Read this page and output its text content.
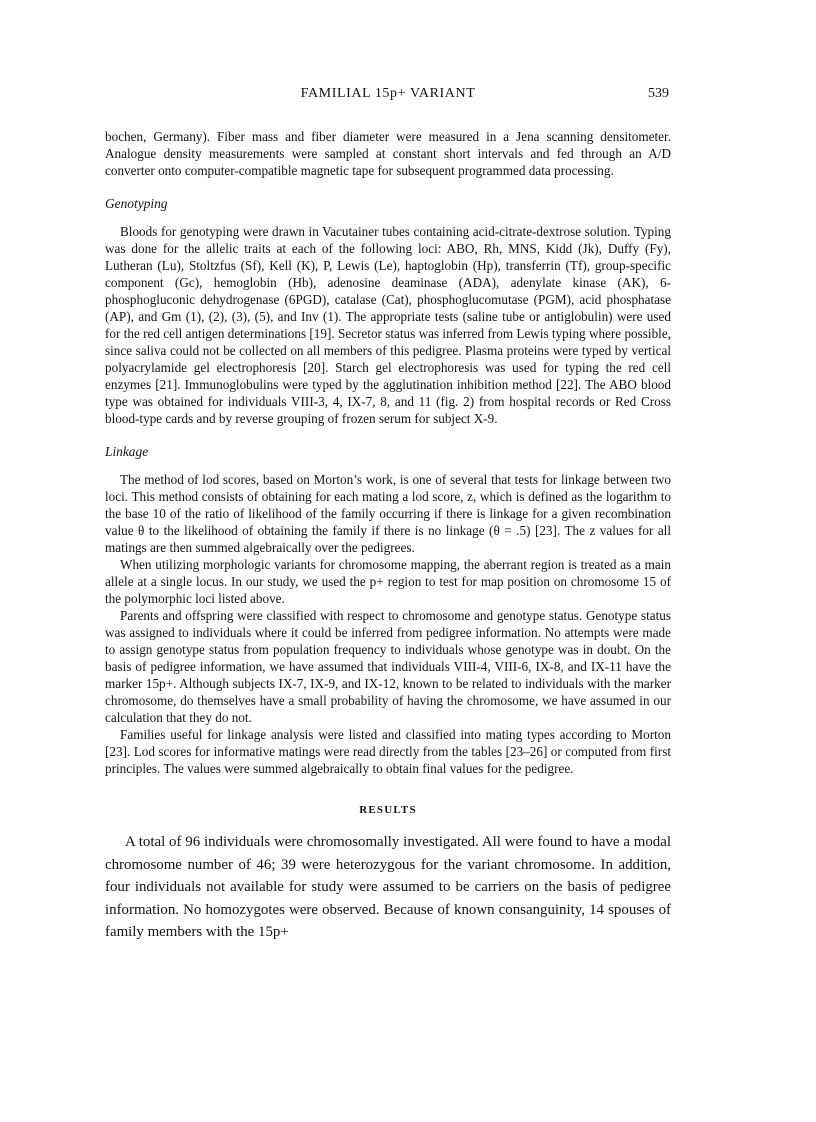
FAMILIAL 15p+ VARIANT	539

bochen, Germany). Fiber mass and fiber diameter were measured in a Jena scanning densitometer. Analogue density measurements were sampled at constant short intervals and fed through an A/D converter onto computer-compatible magnetic tape for subsequent programmed data processing.

Genotyping

Bloods for genotyping were drawn in Vacutainer tubes containing acid-citrate-dextrose solution. Typing was done for the allelic traits at each of the following loci: ABO, Rh, MNS, Kidd (Jk), Duffy (Fy), Lutheran (Lu), Stoltzfus (Sf), Kell (K), P, Lewis (Le), haptoglobin (Hp), transferrin (Tf), group-specific component (Gc), hemoglobin (Hb), adenosine deaminase (ADA), adenylate kinase (AK), 6-phosphogluconic dehydrogenase (6PGD), catalase (Cat), phosphoglucomutase (PGM), acid phosphatase (AP), and Gm (1), (2), (3), (5), and Inv (1). The appropriate tests (saline tube or antiglobulin) were used for the red cell antigen determinations [19]. Secretor status was inferred from Lewis typing where possible, since saliva could not be collected on all members of this pedigree. Plasma proteins were typed by vertical polyacrylamide gel electrophoresis [20]. Starch gel electrophoresis was used for typing the red cell enzymes [21]. Immunoglobulins were typed by the agglutination inhibition method [22]. The ABO blood type was obtained for individuals VIII-3, 4, IX-7, 8, and 11 (fig. 2) from hospital records or Red Cross blood-type cards and by reverse grouping of frozen serum for subject X-9.

Linkage

The method of lod scores, based on Morton’s work, is one of several that tests for linkage between two loci. This method consists of obtaining for each mating a lod score, z, which is defined as the logarithm to the base 10 of the ratio of likelihood of the family occurring if there is linkage for a given recombination value θ to the likelihood of obtaining the family if there is no linkage (θ = .5) [23]. The z values for all matings are then summed algebraically over the pedigrees.

When utilizing morphologic variants for chromosome mapping, the aberrant region is treated as a main allele at a single locus. In our study, we used the p+ region to test for map position on chromosome 15 of the polymorphic loci listed above.

Parents and offspring were classified with respect to chromosome and genotype status. Genotype status was assigned to individuals where it could be inferred from pedigree information. No attempts were made to assign genotype status from population frequency to individuals whose genotype was in doubt. On the basis of pedigree information, we have assumed that individuals VIII-4, VIII-6, IX-8, and IX-11 have the marker 15p+. Although subjects IX-7, IX-9, and IX-12, known to be related to individuals with the marker chromosome, do themselves have a small probability of having the chromosome, we have assumed in our calculation that they do not.

Families useful for linkage analysis were listed and classified into mating types according to Morton [23]. Lod scores for informative matings were read directly from the tables [23–26] or computed from first principles. The values were summed algebraically to obtain final values for the pedigree.

RESULTS

A total of 96 individuals were chromosomally investigated. All were found to have a modal chromosome number of 46; 39 were heterozygous for the variant chromosome. In addition, four individuals not available for study were assumed to be carriers on the basis of pedigree information. No homozygotes were observed. Because of known consanguinity, 14 spouses of family members with the 15p+
